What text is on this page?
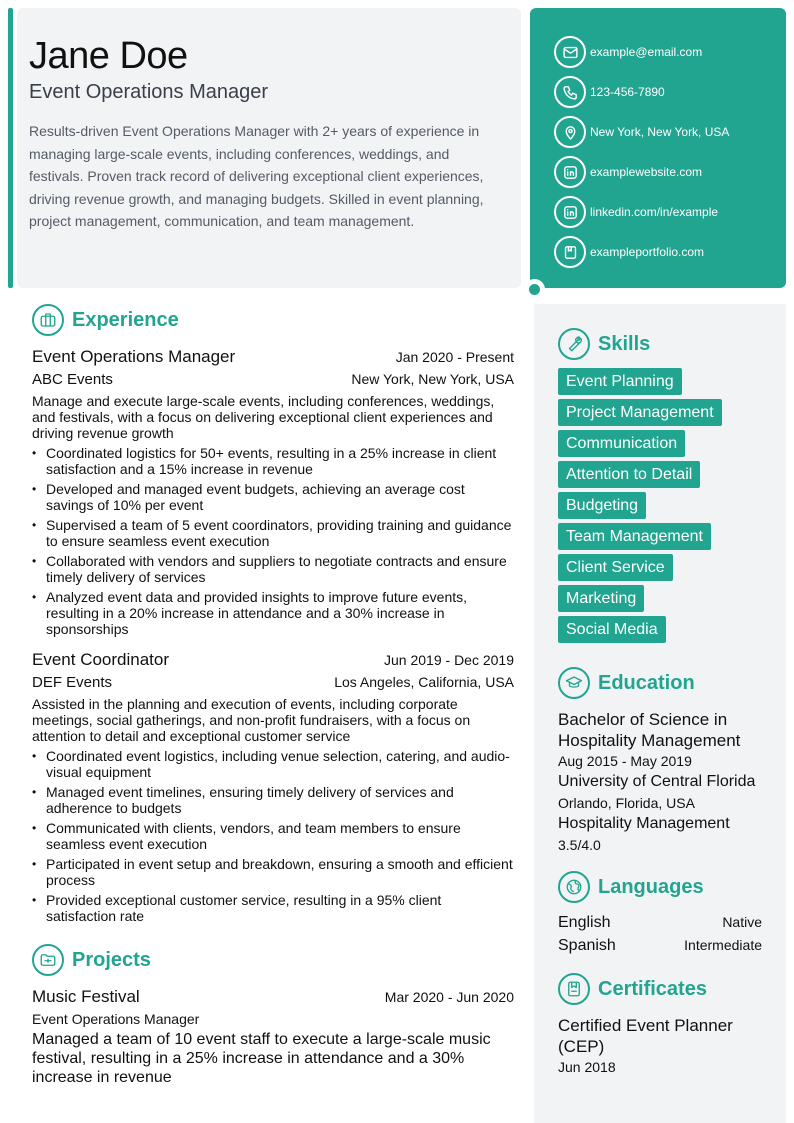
Jane Doe
Event Operations Manager

Results-driven Event Operations Manager with 2+ years of experience in managing large-scale events, including conferences, weddings, and festivals. Proven track record of delivering exceptional client experiences, driving revenue growth, and managing budgets. Skilled in event planning, project management, communication, and team management.

example@email.com
123-456-7890
New York, New York, USA
examplewebsite.com
linkedin.com/in/example
exampleportfolio.com
Experience
Event Operations Manager	Jan 2020 - Present
ABC Events	New York, New York, USA

Manage and execute large-scale events, including conferences, weddings, and festivals, with a focus on delivering exceptional client experiences and driving revenue growth

• Coordinated logistics for 50+ events, resulting in a 25% increase in client satisfaction and a 15% increase in revenue
• Developed and managed event budgets, achieving an average cost savings of 10% per event
• Supervised a team of 5 event coordinators, providing training and guidance to ensure seamless event execution
• Collaborated with vendors and suppliers to negotiate contracts and ensure timely delivery of services
• Analyzed event data and provided insights to improve future events, resulting in a 20% increase in attendance and a 30% increase in sponsorships
Event Coordinator	Jun 2019 - Dec 2019
DEF Events	Los Angeles, California, USA

Assisted in the planning and execution of events, including corporate meetings, social gatherings, and non-profit fundraisers, with a focus on attention to detail and exceptional customer service

• Coordinated event logistics, including venue selection, catering, and audio-visual equipment
• Managed event timelines, ensuring timely delivery of services and adherence to budgets
• Communicated with clients, vendors, and team members to ensure seamless event execution
• Participated in event setup and breakdown, ensuring a smooth and efficient process
• Provided exceptional customer service, resulting in a 95% client satisfaction rate
Projects
Music Festival	Mar 2020 - Jun 2020
Event Operations Manager

Managed a team of 10 event staff to execute a large-scale music festival, resulting in a 25% increase in attendance and a 30% increase in revenue

Skills
Event Planning
Project Management
Communication
Attention to Detail
Budgeting
Team Management
Client Service
Marketing
Social Media
Education
Bachelor of Science in Hospitality Management
Aug 2015 - May 2019
University of Central Florida
Orlando, Florida, USA
Hospitality Management
3.5/4.0
Languages
English	Native
Spanish	Intermediate
Certificates
Certified Event Planner (CEP)
Jun 2018
